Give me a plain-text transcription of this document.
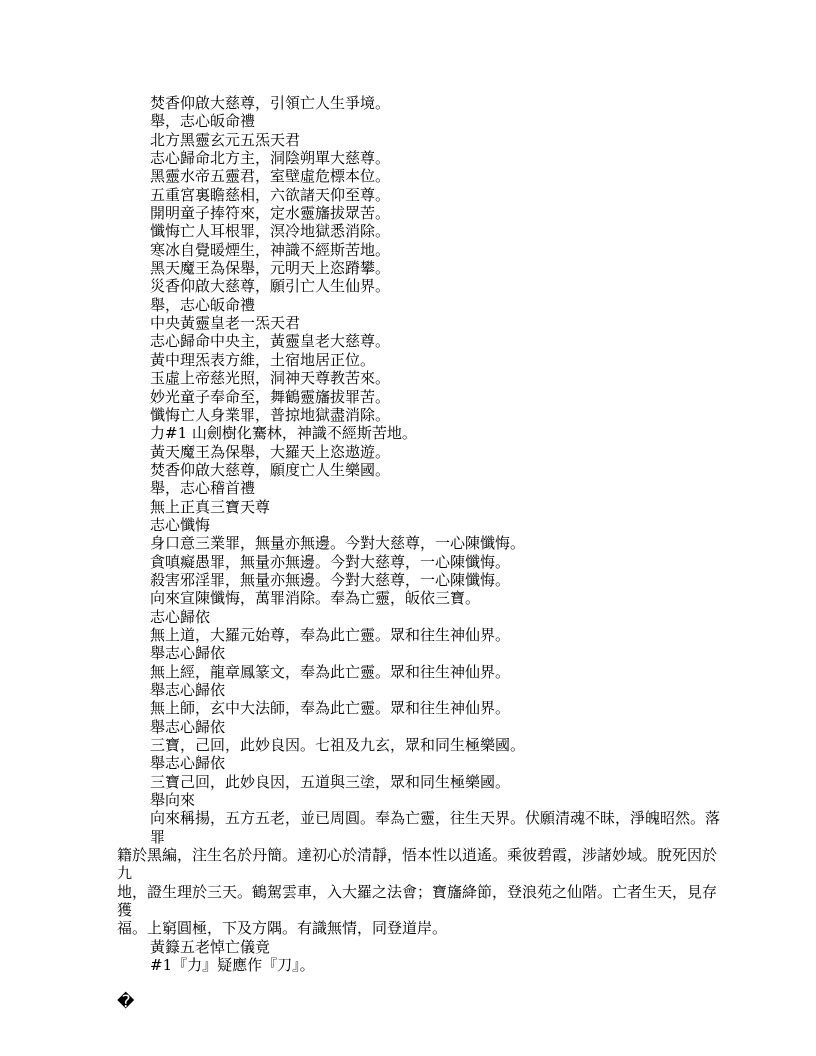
焚香仰啟大慈尊，引領亡人生爭境。
舉，志心皈命禮
北方黑靈玄元五炁天君
志心歸命北方主，洞陰朔單大慈尊。
黑靈水帝五靈君，室壁虛危標本位。
五重宮裏瞻慈相，六欲諸天仰至尊。
開明童子捧符來，定水靈旛拔眾苦。
懺悔亡人耳根罪，溟冷地獄悉消除。
寒冰自覺暖煙生，神識不經斯苦地。
黑天魔王為保舉，元明天上恣蹐攀。
災香仰啟大慈尊，願引亡人生仙界。
舉，志心皈命禮
中央黃靈皇老一炁天君
志心歸命中央主，黃靈皇老大慈尊。
黃中理炁表方維，土宿地居正位。
玉虛上帝慈光照，洞神天尊教苦來。
妙光童子奉命至，舞鶴靈旛拔罪苦。
懺悔亡人身業罪，普掠地獄盡消除。
力#1 山劍樹化騫林，神識不經斯苦地。
黃天魔王為保舉，大羅天上恣遨遊。
焚香仰啟大慈尊，願度亡人生樂國。
舉，志心稽首禮
無上正真三寶天尊
志心懺悔
身口意三業罪，無量亦無邊。今對大慈尊，一心陳懺悔。
貪嗔癡愚罪，無量亦無邊。今對大慈尊，一心陳懺悔。
殺害邪淫罪，無量亦無邊。今對大慈尊，一心陳懺悔。
向來宣陳懺悔，萬罪消除。奉為亡靈，皈依三寶。
志心歸依
無上道，大羅元始尊，奉為此亡靈。眾和往生神仙界。
舉志心歸依
無上經，龍章鳳篆文，奉為此亡靈。眾和往生神仙界。
舉志心歸依
無上師，玄中大法師，奉為此亡靈。眾和往生神仙界。
舉志心歸依
三寶，己回，此妙良因。七祖及九玄，眾和同生極樂國。
舉志心歸依
三寶己回，此妙良因，五道與三塗，眾和同生極樂國。
舉向來
向來稱揚，五方五老，並已周圓。奉為亡靈，往生天界。伏願清魂不昧，淨魄昭然。落罪
籍於黑編，注生名於丹簡。達初心於清靜，悟本性以逍遙。乘彼碧霞，涉諸妙域。脫死因於九
地，證生理於三天。鶴駕雲車，入大羅之法會；寶旛絳節，登浪苑之仙階。亡者生天，見存獲
福。上窮圓極，下及方隅。有識無情，同登道岸。
黃籙五老悼亡儀竟
#1『力』疑應作『刀』。
�
